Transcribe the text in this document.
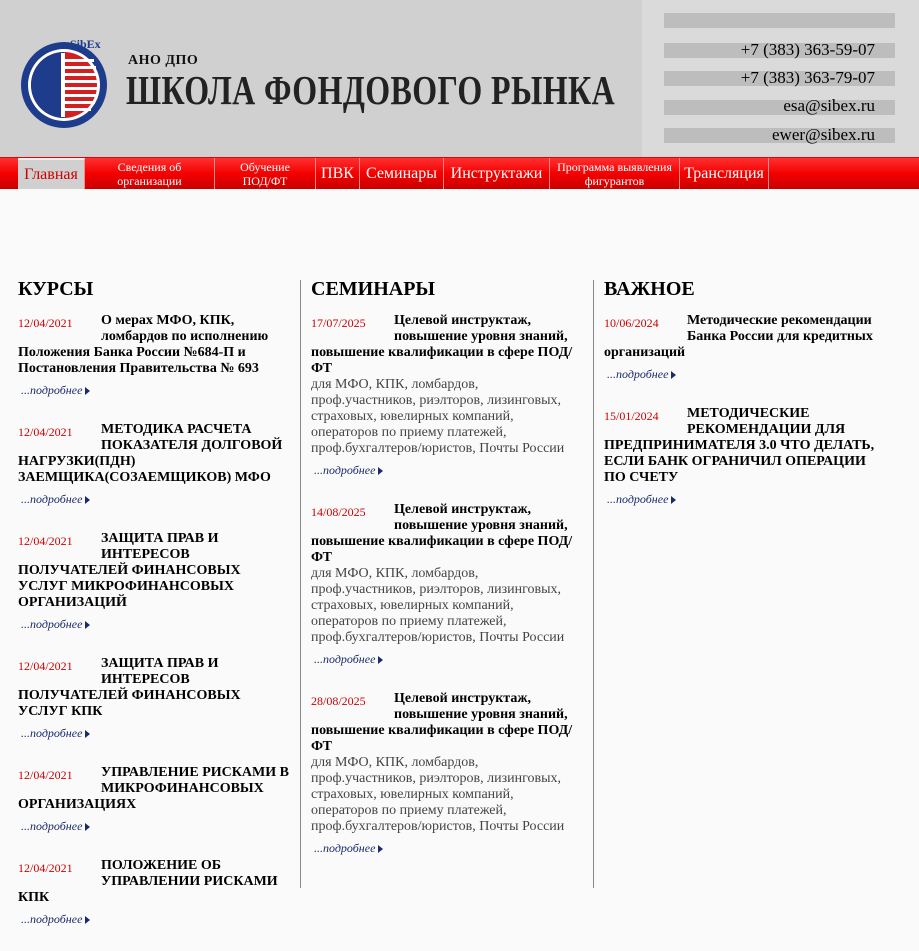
SibEx
АНО ДПО
ШКОЛА ФОНДОВОГО РЫНКА
+7 (383) 363-59-07
+7 (383) 363-79-07
esa@sibex.ru
ewer@sibex.ru
Главная	Сведения об организации
Обучение ПОД/ФТ	ПВК Семинары Инструктажи	Программа выявления фигурантов	Трансляция
КУРСЫ
12/04/2021	О мерах МФО, КПК, ломбардов по исполнению Положения Банка России №684-П и Постановления Правительства № 693
...подробнее
12/04/2021	МЕТОДИКА РАСЧЕТА ПОКАЗАТЕЛЯ ДОЛГОВОЙ НАГРУЗКИ(ПДН) ЗАЕМЩИКА(СОЗАЕМЩИКОВ) МФО
...подробнее
12/04/2021	ЗАЩИТА ПРАВ И ИНТЕРЕСОВ ПОЛУЧАТЕЛЕЙ ФИНАНСОВЫХ УСЛУГ МИКРОФИНАНСОВЫХ ОРГАНИЗАЦИЙ
...подробнее
12/04/2021	ЗАЩИТА ПРАВ И ИНТЕРЕСОВ ПОЛУЧАТЕЛЕЙ ФИНАНСОВЫХ УСЛУГ КПК
...подробнее
12/04/2021	УПРАВЛЕНИЕ РИСКАМИ В МИКРОФИНАНСОВЫХ ОРГАНИЗАЦИЯХ
...подробнее
12/04/2021	ПОЛОЖЕНИЕ ОБ УПРАВЛЕНИИ РИСКАМИ КПК
...подробнее
СЕМИНАРЫ
17/07/2025	Целевой инструктаж, повышение уровня знаний, повышение квалификации в сфере ПОД/ФТ
для МФО, КПК, ломбардов, проф.участников, риэлторов, лизинговых, страховых, ювелирных компаний, операторов по приему платежей, проф.бухгалтеров/юристов, Почты России
...подробнее
14/08/2025	Целевой инструктаж, повышение уровня знаний, повышение квалификации в сфере ПОД/ФТ
для МФО, КПК, ломбардов, проф.участников, риэлторов, лизинговых, страховых, ювелирных компаний, операторов по приему платежей, проф.бухгалтеров/юристов, Почты России
...подробнее
28/08/2025	Целевой инструктаж, повышение уровня знаний, повышение квалификации в сфере ПОД/ФТ
для МФО, КПК, ломбардов, проф.участников, риэлторов, лизинговых, страховых, ювелирных компаний, операторов по приему платежей, проф.бухгалтеров/юристов, Почты России
...подробнее
ВАЖНОЕ
10/06/2024	Методические рекомендации Банка России для кредитных организаций
...подробнее
15/01/2024	МЕТОДИЧЕСКИЕ РЕКОМЕНДАЦИИ ДЛЯ ПРЕДПРИНИМАТЕЛЯ 3.0 ЧТО ДЕЛАТЬ, ЕСЛИ БАНК ОГРАНИЧИЛ ОПЕРАЦИИ ПО СЧЕТУ
...подробнее
